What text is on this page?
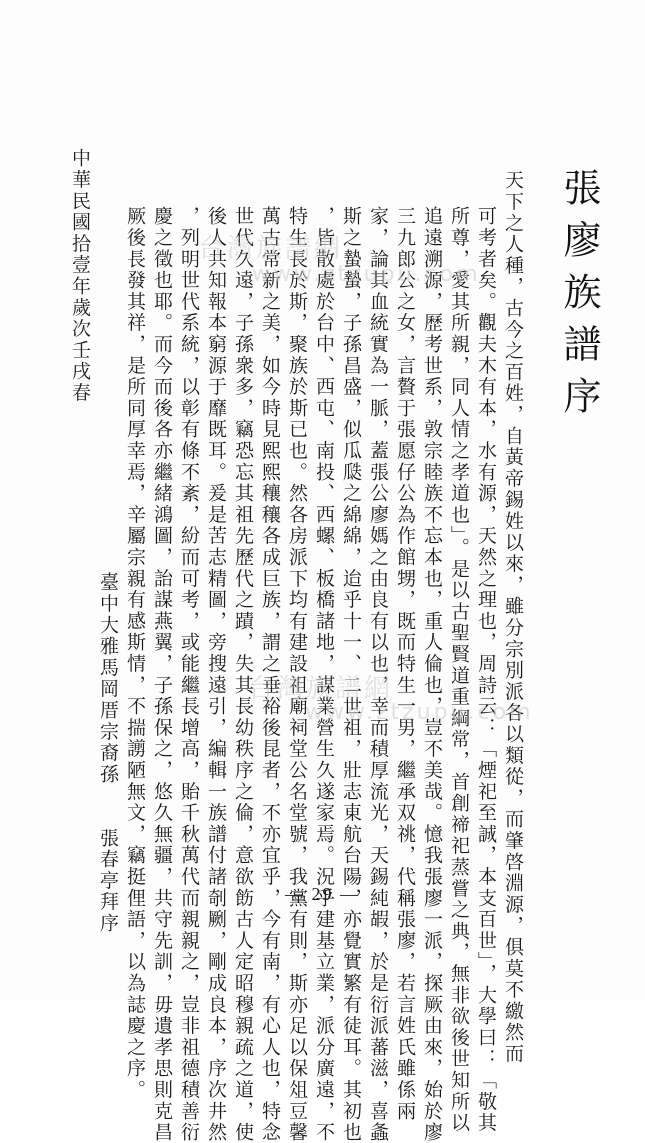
張廖族譜序
天下之人種，古今之百姓，自黃帝錫姓以來，雖分宗別派各以類從，而肇啓淵源，俱莫不繳然而
可考者矣。觀夫木有本，水有源，天然之理也，周詩云：「煙祀至誠，本支百世」，大學曰：「敬其
所尊，愛其所親，同人情之孝道也」。是以古聖賢道重綱常，首創禘祀蒸嘗之典，無非欲後世知所以
追遠溯源，歷考世系，敦宗睦族不忘本也，重人倫也，豈不美哉。憶我張廖一派，探厥由來，始於廖
三九郎公之女，言贅于張愿仔公為作館甥，既而特生一男，繼承双祧，代稱張廖，若言姓氏雖係兩
家，論其血統實為一脈，蓋張公廖媽之由良有以也，幸而積厚流光，天錫純嘏，於是衍派蕃滋，喜螽
斯之蟄蟄，子孫昌盛，似瓜瓞之綿綿，迨乎十一、二世祖，壯志東航台陽，亦覺實繁有徒耳。其初也
，皆散處於台中、西屯、南投、西螺、板橋諸地，謀業營生久遂家焉。況乎建基立業，派分廣遠，不
特生長於斯，聚族於斯已也。然各房派下均有建設祖廟祠堂公名堂號，我黨有則，斯亦足以保俎豆馨
萬古常新之美，如今時見熙熙穰穰各成巨族，謂之垂裕後昆者，不亦宜乎，今有南，有心人也，特念
世代久遠，子孫衆多，竊恐忘其祖先歷代之蹟，失其長幼秩序之倫，意欲飭古人定昭穆親疏之道，使
後人共知報本窮源于靡既耳。爰是苦志精圖，旁搜遠引，編輯一族譜付諸剞劂，剛成良本，序次井然
，列明世代系統，以彰有條不紊，紛而可考，或能繼長增高，貽千秋萬代而親親之，豈非祖德積善衍
慶之徵也耶。而今而後各亦繼緒鴻圖，詒謀燕翼，子孫保之，悠久無疆，共守先訓，毋遺孝思則克昌
厥後長發其祥，是所同厚幸焉，辛屬宗親有感斯情，不揣謭陋無文，竊挺俚語，以為誌慶之序。
臺中大雅馬岡厝宗裔孫　　張春亭拜序
中華民國拾壹年歲次壬戌春	台灣族譜網
www.ztzupu.com
台灣族譜網
www.ztzupu.com
— 29 —
